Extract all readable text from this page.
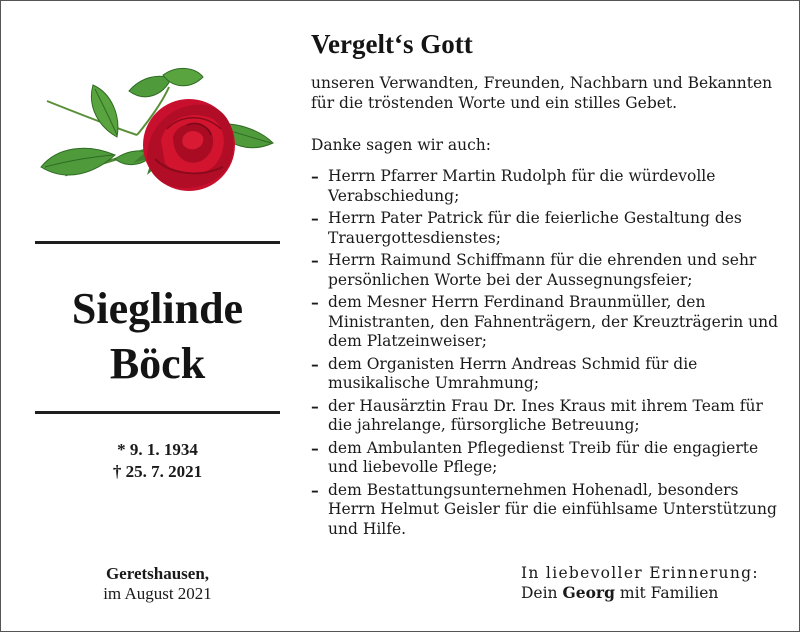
Sieglinde
Böck
* 9. 1. 1934
† 25. 7. 2021
Geretshausen,
im August 2021
Vergelt‘s Gott

unseren Verwandten, Freunden, Nachbarn und Bekannten

für die tröstenden Worte und ein stilles Gebet.

Danke sagen wir auch:
– Herrn Pfarrer Martin Rudolph für die würdevolle
Verabschiedung;
– Herrn Pater Patrick für die feierliche Gestaltung des
Trauergottesdienstes;
– Herrn Raimund Schiffmann für die ehrenden und sehr
persönlichen Worte bei der Aussegnungsfeier;
– dem Mesner Herrn Ferdinand Braunmüller, den
Ministranten, den Fahnenträgern, der Kreuzträgerin und
dem Platzeinweiser;
– dem Organisten Herrn Andreas Schmid für die
musikalische Umrahmung;
– der Hausärztin Frau Dr. Ines Kraus mit ihrem Team für
die jahrelange, fürsorgliche Betreuung;
– dem Ambulanten Pflegedienst Treib für die engagierte
und liebevolle Pflege;
– dem Bestattungsunternehmen Hohenadl, besonders
Herrn Helmut Geisler für die einfühlsame Unterstützung
und Hilfe.
In liebevoller Erinnerung:
Dein Georg mit Familien
